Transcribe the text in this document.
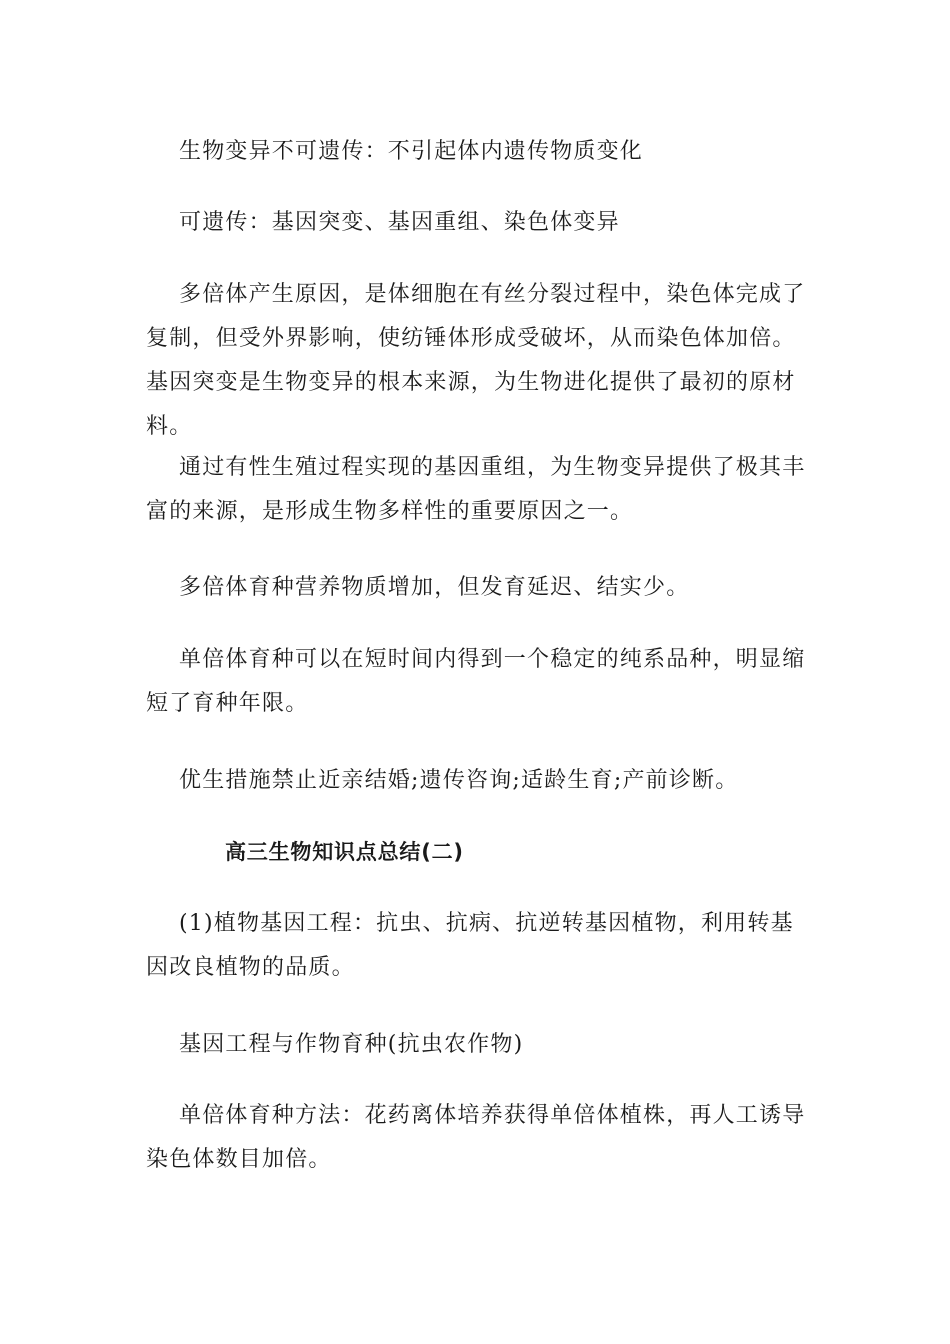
生物变异不可遗传：不引起体内遗传物质变化

可遗传：基因突变、基因重组、染色体变异

多倍体产生原因，是体细胞在有丝分裂过程中，染色体完成了复制，但受外界影响，使纺锤体形成受破坏，从而染色体加倍。基因突变是生物变异的根本来源，为生物进化提供了最初的原材料。

通过有性生殖过程实现的基因重组，为生物变异提供了极其丰富的来源，是形成生物多样性的重要原因之一。

多倍体育种营养物质增加，但发育延迟、结实少。

单倍体育种可以在短时间内得到一个稳定的纯系品种，明显缩短了育种年限。

优生措施禁止近亲结婚;遗传咨询;适龄生育;产前诊断。

高三生物知识点总结(二)

(1)植物基因工程：抗虫、抗病、抗逆转基因植物，利用转基因改良植物的品质。

基因工程与作物育种(抗虫农作物)

单倍体育种方法：花药离体培养获得单倍体植株，再人工诱导染色体数目加倍。
